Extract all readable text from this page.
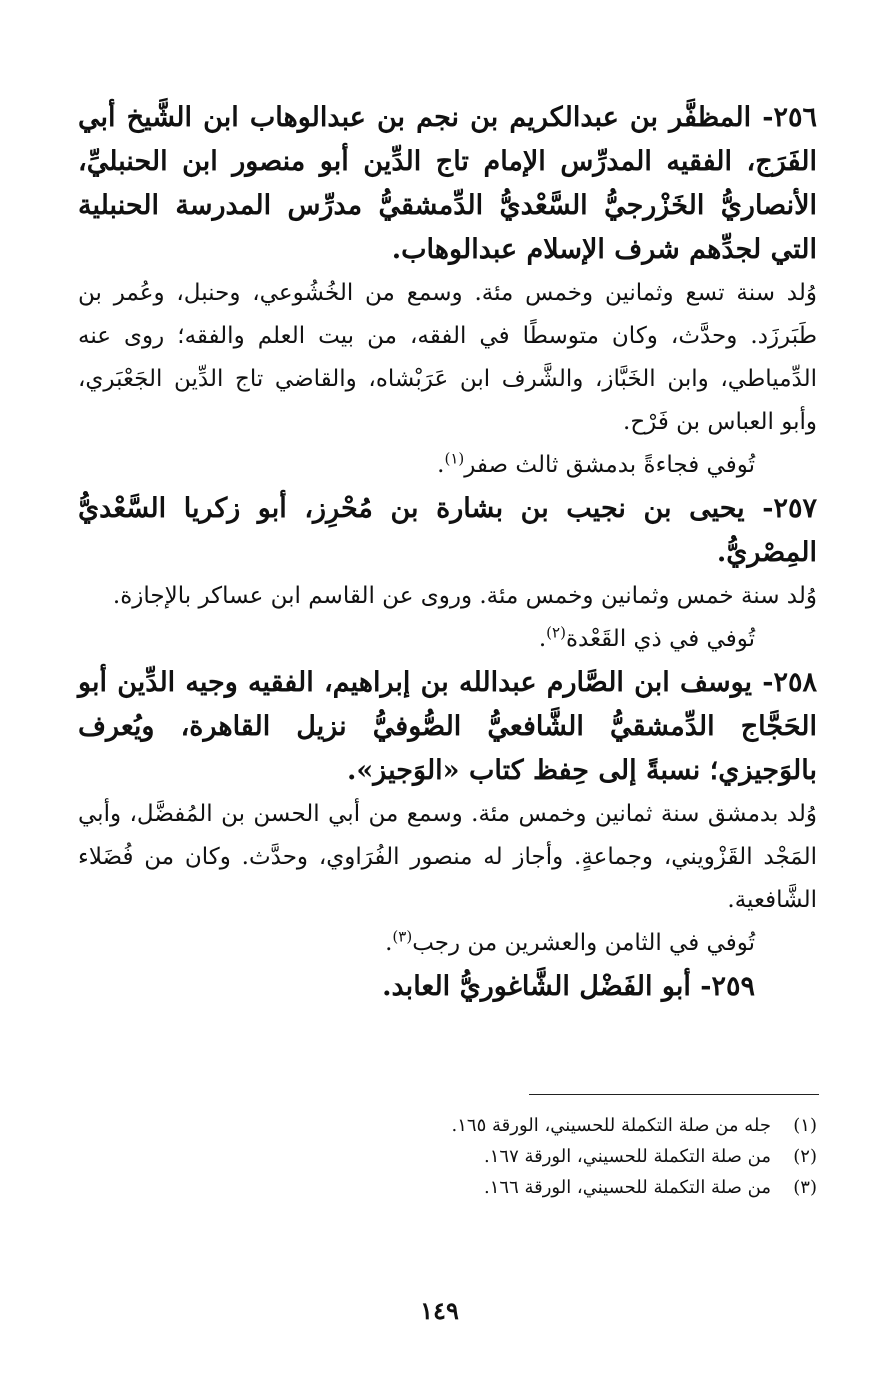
٢٥٦- المظفَّر بن عبدالكريم بن نجم بن عبدالوهاب ابن الشَّيخ أبي الفَرَج، الفقيه المدرِّس الإمام تاج الدِّين أبو منصور ابن الحنبليِّ، الأنصاريُّ الخَزْرجيُّ السَّعْديُّ الدِّمشقيُّ مدرِّس المدرسة الحنبلية التي لجدِّهم شرف الإسلام عبدالوهاب.

وُلد سنة تسع وثمانين وخمس مئة. وسمع من الخُشُوعي، وحنبل، وعُمر بن طَبَرزَد. وحدَّث، وكان متوسطًا في الفقه، من بيت العلم والفقه؛ روى عنه الدِّمياطي، وابن الخَبَّاز، والشَّرف ابن عَرَبْشاه، والقاضي تاج الدِّين الجَعْبَري، وأبو العباس بن فَرْح.

تُوفي فجاءةً بدمشق ثالث صفر$^{(١)}$.

٢٥٧- يحيى بن نجيب بن بشارة بن مُحْرِز، أبو زكريا السَّعْديُّ المِصْريُّ.

وُلد سنة خمس وثمانين وخمس مئة. وروى عن القاسم ابن عساكر بالإجازة.

تُوفي في ذي القَعْدة$^{(٢)}$.

٢٥٨- يوسف ابن الصَّارم عبدالله بن إبراهيم، الفقيه وجيه الدِّين أبو الحَجَّاج الدِّمشقيُّ الشَّافعيُّ الصُّوفيُّ نزيل القاهرة، ويُعرف بالوَجيزي؛ نسبةً إلى حِفظ كتاب «الوَجيز».

وُلد بدمشق سنة ثمانين وخمس مئة. وسمع من أبي الحسن بن المُفضَّل، وأبي المَجْد القَزْويني، وجماعةٍ. وأجاز له منصور الفُرَاوي، وحدَّث. وكان من فُضَلاء الشَّافعية.

تُوفي في الثامن والعشرين من رجب$^{(٣)}$.

٢٥٩- أبو الفَضْل الشَّاغوريُّ العابد.

(١)جله من صلة التكملة للحسيني، الورقة ١٦٥.
(٢)من صلة التكملة للحسيني، الورقة ١٦٧.
(٣)من صلة التكملة للحسيني، الورقة ١٦٦.
١٤٩
